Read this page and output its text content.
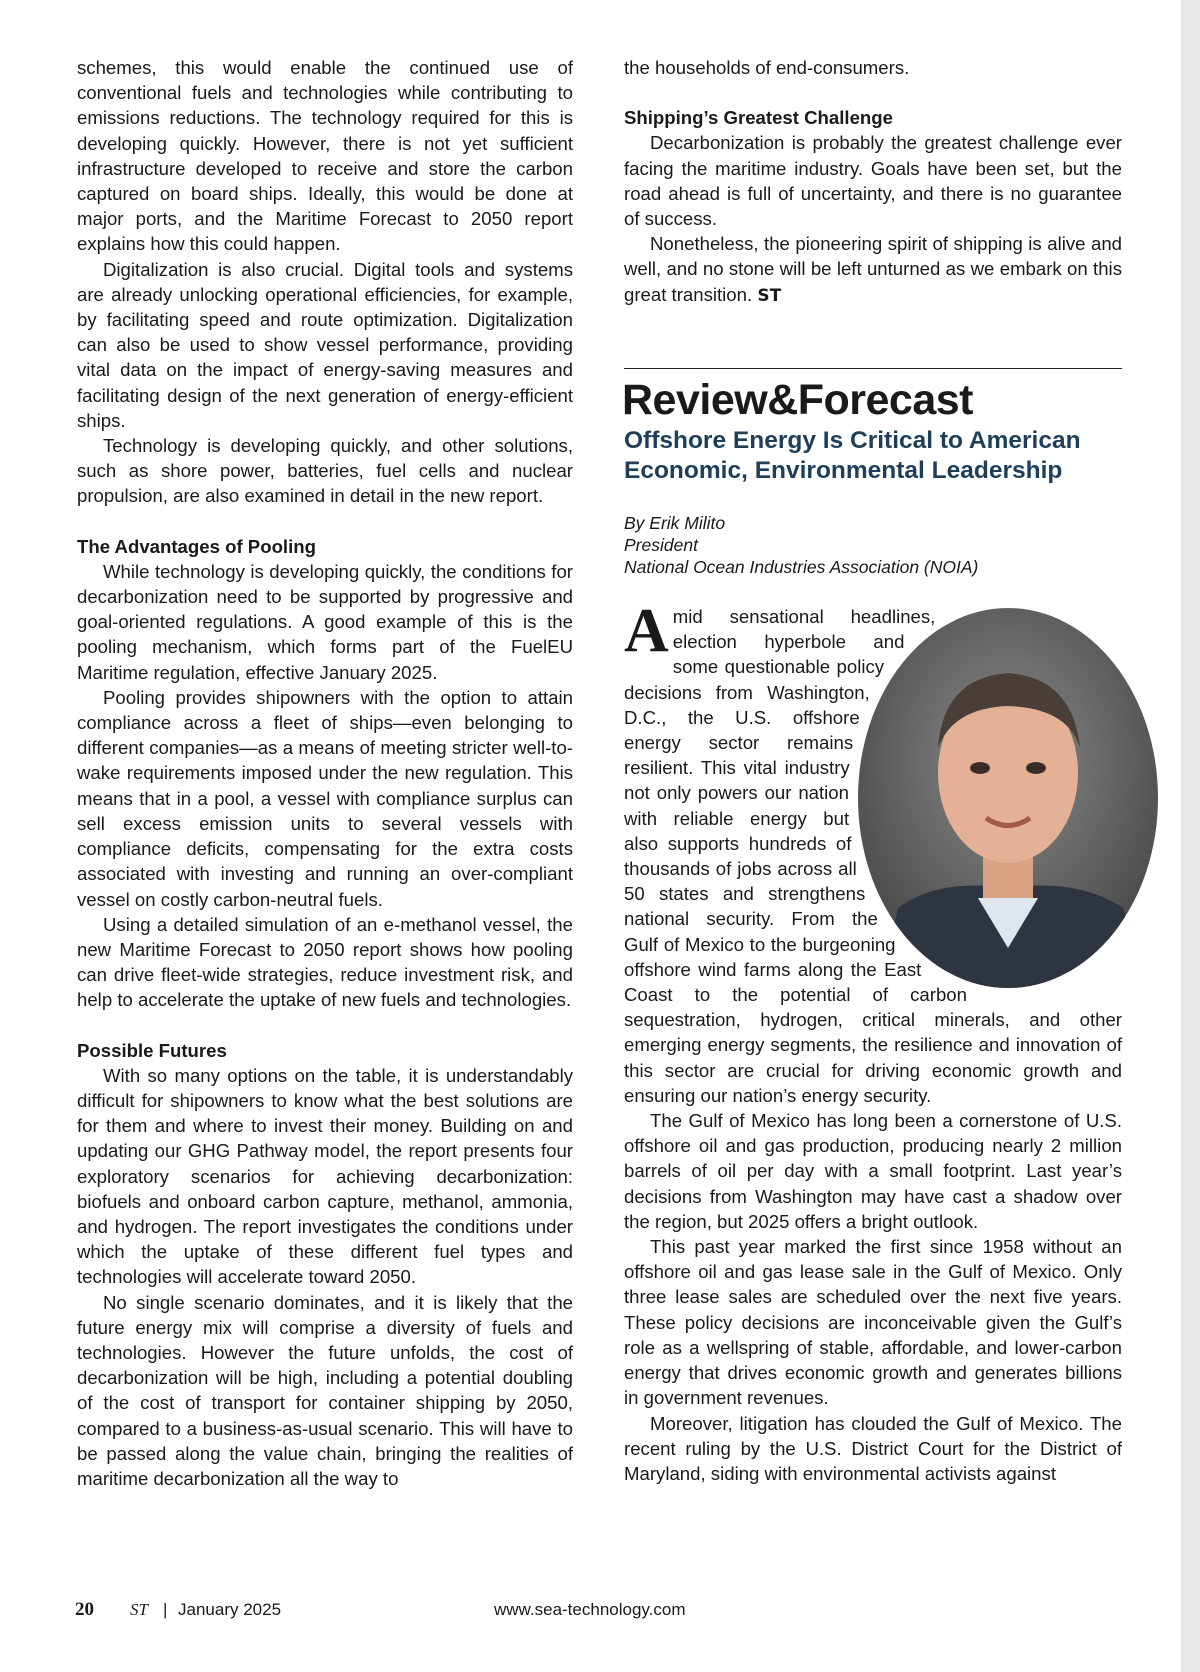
schemes, this would enable the continued use of conventional fuels and technologies while contributing to emissions reductions. The technology required for this is developing quickly. However, there is not yet sufficient infrastructure developed to receive and store the carbon captured on board ships. Ideally, this would be done at major ports, and the Maritime Forecast to 2050 report explains how this could happen.

Digitalization is also crucial. Digital tools and systems are already unlocking operational efficiencies, for example, by facilitating speed and route optimization. Digitalization can also be used to show vessel performance, providing vital data on the impact of energy-saving measures and facilitating design of the next generation of energy-efficient ships.

Technology is developing quickly, and other solutions, such as shore power, batteries, fuel cells and nuclear propulsion, are also examined in detail in the new report.

The Advantages of Pooling

While technology is developing quickly, the conditions for decarbonization need to be supported by progressive and goal-oriented regulations. A good example of this is the pooling mechanism, which forms part of the FuelEU Maritime regulation, effective January 2025.

Pooling provides shipowners with the option to attain compliance across a fleet of ships—even belonging to different companies—as a means of meeting stricter well-to-wake requirements imposed under the new regulation. This means that in a pool, a vessel with compliance surplus can sell excess emission units to several vessels with compliance deficits, compensating for the extra costs associated with investing and running an over-compliant vessel on costly carbon-neutral fuels.

Using a detailed simulation of an e-methanol vessel, the new Maritime Forecast to 2050 report shows how pooling can drive fleet-wide strategies, reduce investment risk, and help to accelerate the uptake of new fuels and technologies.

Possible Futures

With so many options on the table, it is understandably difficult for shipowners to know what the best solutions are for them and where to invest their money. Building on and updating our GHG Pathway model, the report presents four exploratory scenarios for achieving decarbonization: biofuels and onboard carbon capture, methanol, ammonia, and hydrogen. The report investigates the conditions under which the uptake of these different fuel types and technologies will accelerate toward 2050.

No single scenario dominates, and it is likely that the future energy mix will comprise a diversity of fuels and technologies. However the future unfolds, the cost of decarbonization will be high, including a potential doubling of the cost of transport for container shipping by 2050, compared to a business-as-usual scenario. This will have to be passed along the value chain, bringing the realities of maritime decarbonization all the way to

the households of end-consumers.

Shipping’s Greatest Challenge

Decarbonization is probably the greatest challenge ever facing the maritime industry. Goals have been set, but the road ahead is full of uncertainty, and there is no guarantee of success.

Nonetheless, the pioneering spirit of shipping is alive and well, and no stone will be left unturned as we embark on this great transition. ST

Review&Forecast
Offshore Energy Is Critical to American Economic, Environmental Leadership
By Erik Milito
President
National Ocean Industries Association (NOIA)

Amid sensational headlines, election hyperbole and some questionable policy decisions from Washington, D.C., the U.S. offshore energy sector remains resilient. This vital industry not only powers our nation with reliable energy but also supports hundreds of thousands of jobs across all 50 states and strengthens national security. From the Gulf of Mexico to the burgeoning offshore wind farms along the East Coast to the potential of carbon sequestration, hydrogen, critical minerals, and other emerging energy segments, the resilience and innovation of this sector are crucial for driving economic growth and ensuring our nation’s energy security.

The Gulf of Mexico has long been a cornerstone of U.S. offshore oil and gas production, producing nearly 2 million barrels of oil per day with a small footprint. Last year’s decisions from Washington may have cast a shadow over the region, but 2025 offers a bright outlook.

This past year marked the first since 1958 without an offshore oil and gas lease sale in the Gulf of Mexico. Only three lease sales are scheduled over the next five years. These policy decisions are inconceivable given the Gulf’s role as a wellspring of stable, affordable, and lower-carbon energy that drives economic growth and generates billions in government revenues.

Moreover, litigation has clouded the Gulf of Mexico. The recent ruling by the U.S. District Court for the District of Maryland, siding with environmental activists against

20 ST | January 2025	www.sea-technology.com
